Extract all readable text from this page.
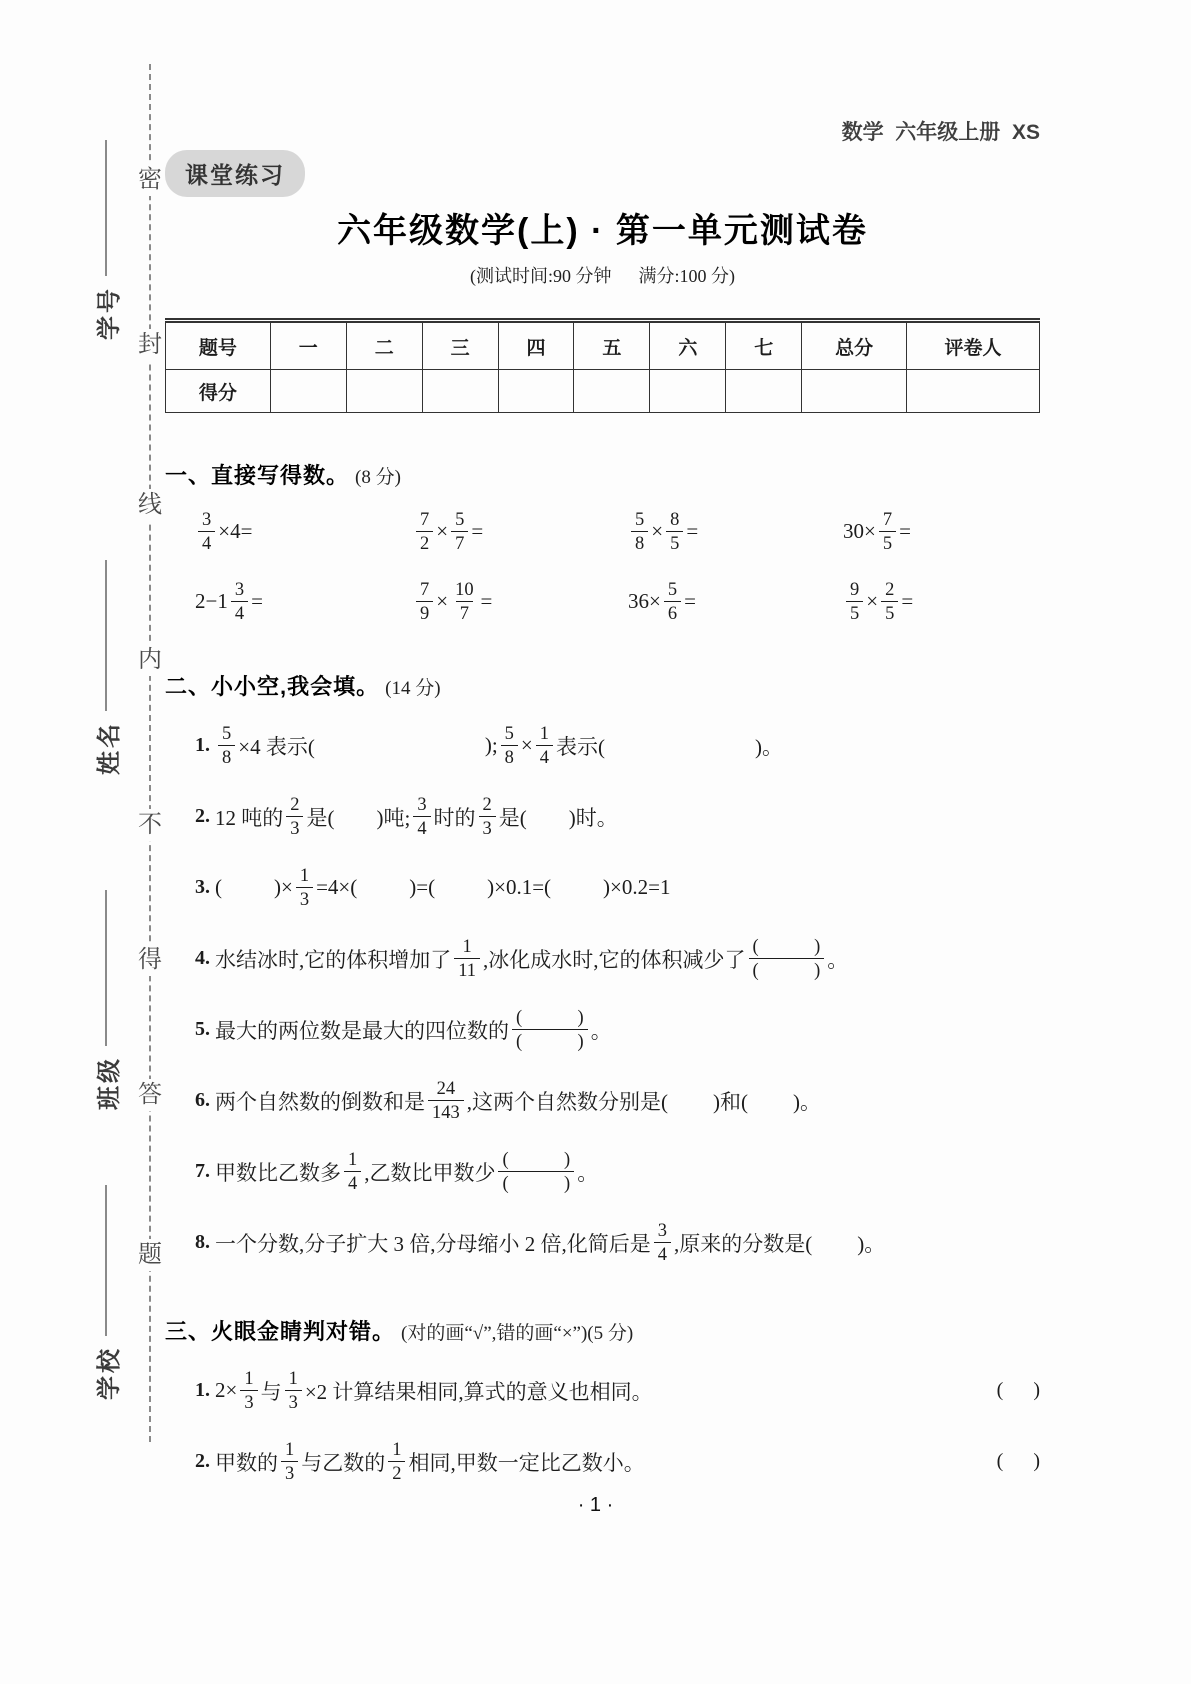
密
封
线
内
不
得
答
题
学号
姓名
班级
学校
数学  六年级上册  XS
课堂练习
六年级数学(上) · 第一单元测试卷
(测试时间:90 分钟      满分:100 分)
题号	一	二	三	四	五	六	七	总分	评卷人
得分									
一、直接写得数。 (8 分)
$\frac{3}{4} \times 4=$	$\frac{7}{2} \times \frac{5}{7}$ =	$\frac{5}{8} \times \frac{8}{5}$ =	$30\times \frac{7}{5}$ =
$2-1 \frac{3}{4}$ =	$\frac{7}{9} \times \frac{10}{7}$ =	$36\times \frac{5}{6}$ =	$\frac{9}{5} \times \frac{2}{5}$ =
二、小小空,我会填。 (14 分)
1. $\frac{5}{8} \times 4$ 表示(	); $\frac{5}{8} \times \frac{1}{4}$ 表示(	)。
2. 12 吨的 $\frac{2}{3}$ 是( )吨; $\frac{3}{4}$ 时的 $\frac{2}{3}$ 是( )时。
3. ( )× $\frac{1}{3} =4\times$( )=( )×0.1=( )×0.2=1
4. 水结冰时,它的体积增加了 $\frac{1}{11}$ ,冰化成水时,它的体积减少了 $\frac{( )}{( )}$ 。
5. 最大的两位数是最大的四位数的 $\frac{( )}{( )}$ 。
6. 两个自然数的倒数和是 $\frac{24}{143}$ ,这两个自然数分别是( )和( )。
7. 甲数比乙数多 $\frac{1}{4}$ ,乙数比甲数少 $\frac{( )}{( )}$ 。
8. 一个分数,分子扩大 3 倍,分母缩小 2 倍,化简后是 $\frac{3}{4}$ ,原来的分数是( )。
三、火眼金睛判对错。 (对的画“√”,错的画“×”)(5 分)
1. $2\times \frac{1}{3}$ 与 $\frac{1}{3} \times 2$ 计算结果相同,算式的意义也相同。	(      )
2. 甲数的 $\frac{1}{3}$ 与乙数的 $\frac{1}{2}$ 相同,甲数一定比乙数小。	(      )
· 1 ·
